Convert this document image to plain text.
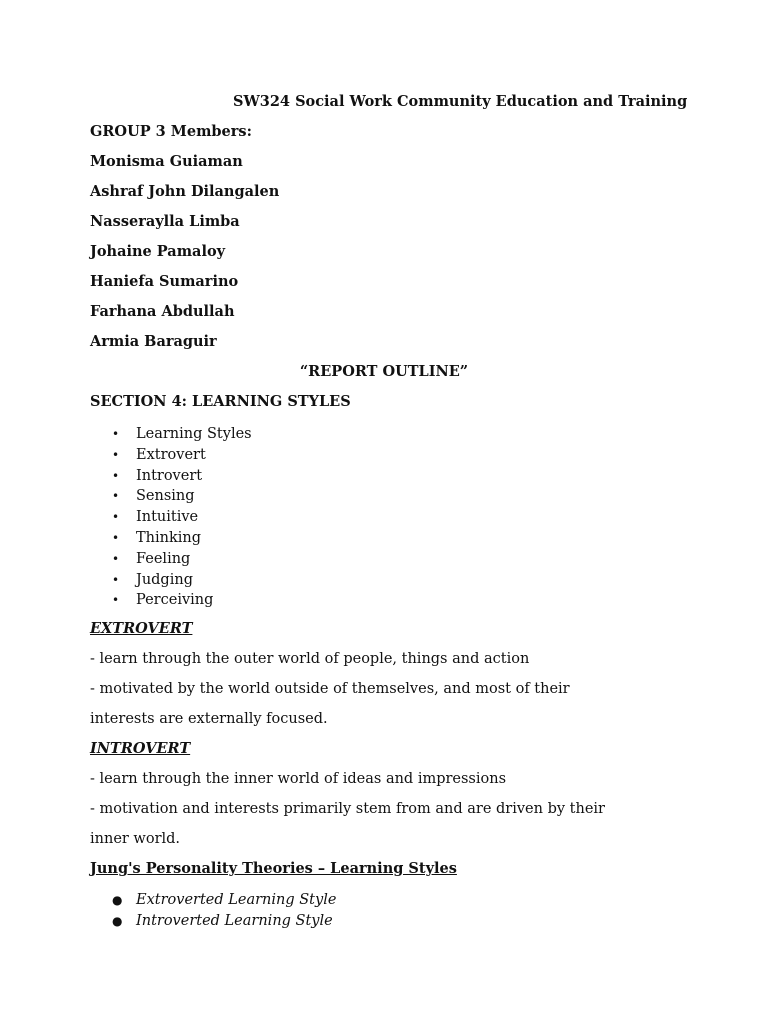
SW324 Social Work Community Education and Training
GROUP 3 Members:
Monisma Guiaman
Ashraf John Dilangalen
Nasseraylla Limba
Johaine Pamaloy
Haniefa Sumarino
Farhana Abdullah
Armia Baraguir
“REPORT OUTLINE”
SECTION 4: LEARNING STYLES
• Learning Styles
• Extrovert
• Introvert
• Sensing
• Intuitive
• Thinking
• Feeling
• Judging
• Perceiving
EXTROVERT
- learn through the outer world of people, things and action
- motivated by the world outside of themselves, and most of their
interests are externally focused.
INTROVERT
- learn through the inner world of ideas and impressions
- motivation and interests primarily stem from and are driven by their
inner world.
Jung's Personality Theories – Learning Styles
● Extroverted Learning Style
● Introverted Learning Style
